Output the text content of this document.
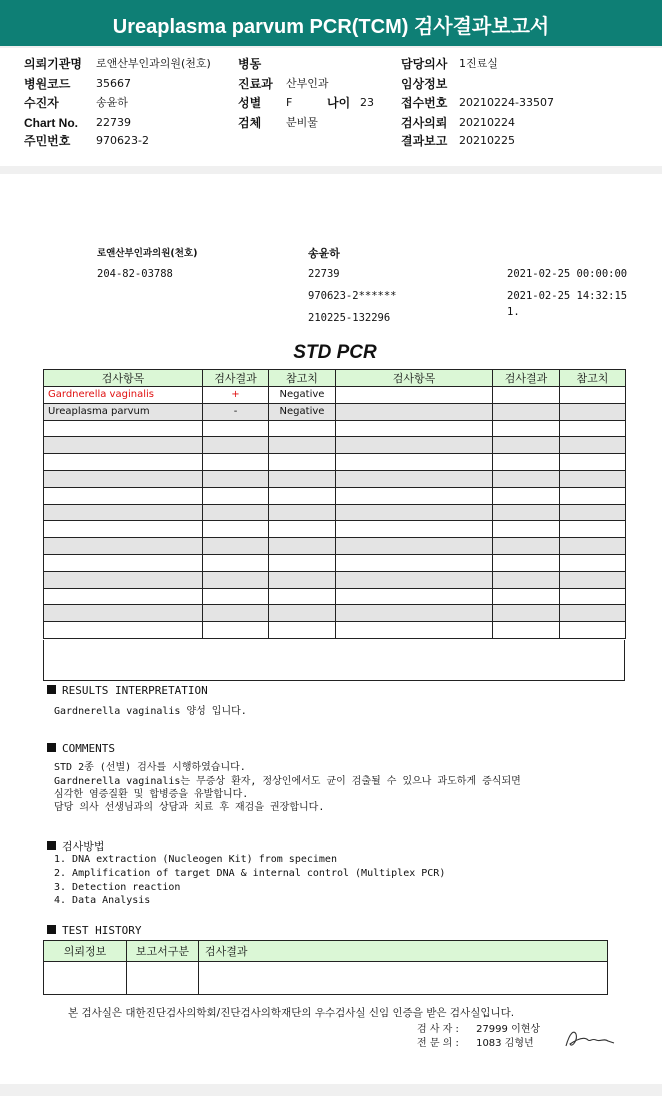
Ureaplasma parvum PCR(TCM) 검사결과보고서
의뢰기관명 로앤산부인과의원(천호) 병동	담당의사 1진료실
병원코드 35667	진료과 산부인과	임상정보
수진자	송윤하	성별 F	나이 23 접수번호 20210224-33507
Chart No. 22739	검체 분비물	검사의뢰 20210224
주민번호 970623-2	결과보고 20210225
로앤산부인과의원(천호)
204-82-03788
송윤하
22739
970623-2******
210225-132296
2021-02-25 00:00:00
2021-02-25 14:32:15
1.
STD PCR
검사항목	검사결과	참고치	검사항목	검사결과	참고치
Gardnerella vaginalis	+	Negative			
Ureaplasma parvum	-	Negative			

RESULTS INTERPRETATION
Gardnerella vaginalis 양성 입니다.
COMMENTS
STD 2종 (선별) 검사를 시행하였습니다.
Gardnerella vaginalis는 무증상 환자, 정상인에서도 균이 검출될 수 있으나 과도하게 증식되면
심각한 염증질환 및 합병증을 유발합니다.
담당 의사 선생님과의 상담과 치료 후 재검을 권장합니다.
검사방법
1. DNA extraction (Nucleogen Kit) from specimen
2. Amplification of target DNA & internal control (Multiplex PCR)
3. Detection reaction
4. Data Analysis
TEST HISTORY
의뢰정보	보고서구분	검사결과

본 검사실은 대한진단검사의학회/진단검사의학재단의 우수검사실 신임 인증을 받은 검사실입니다.
검 사 자 : 27999 이현상
전 문 의 : 1083 김형년
